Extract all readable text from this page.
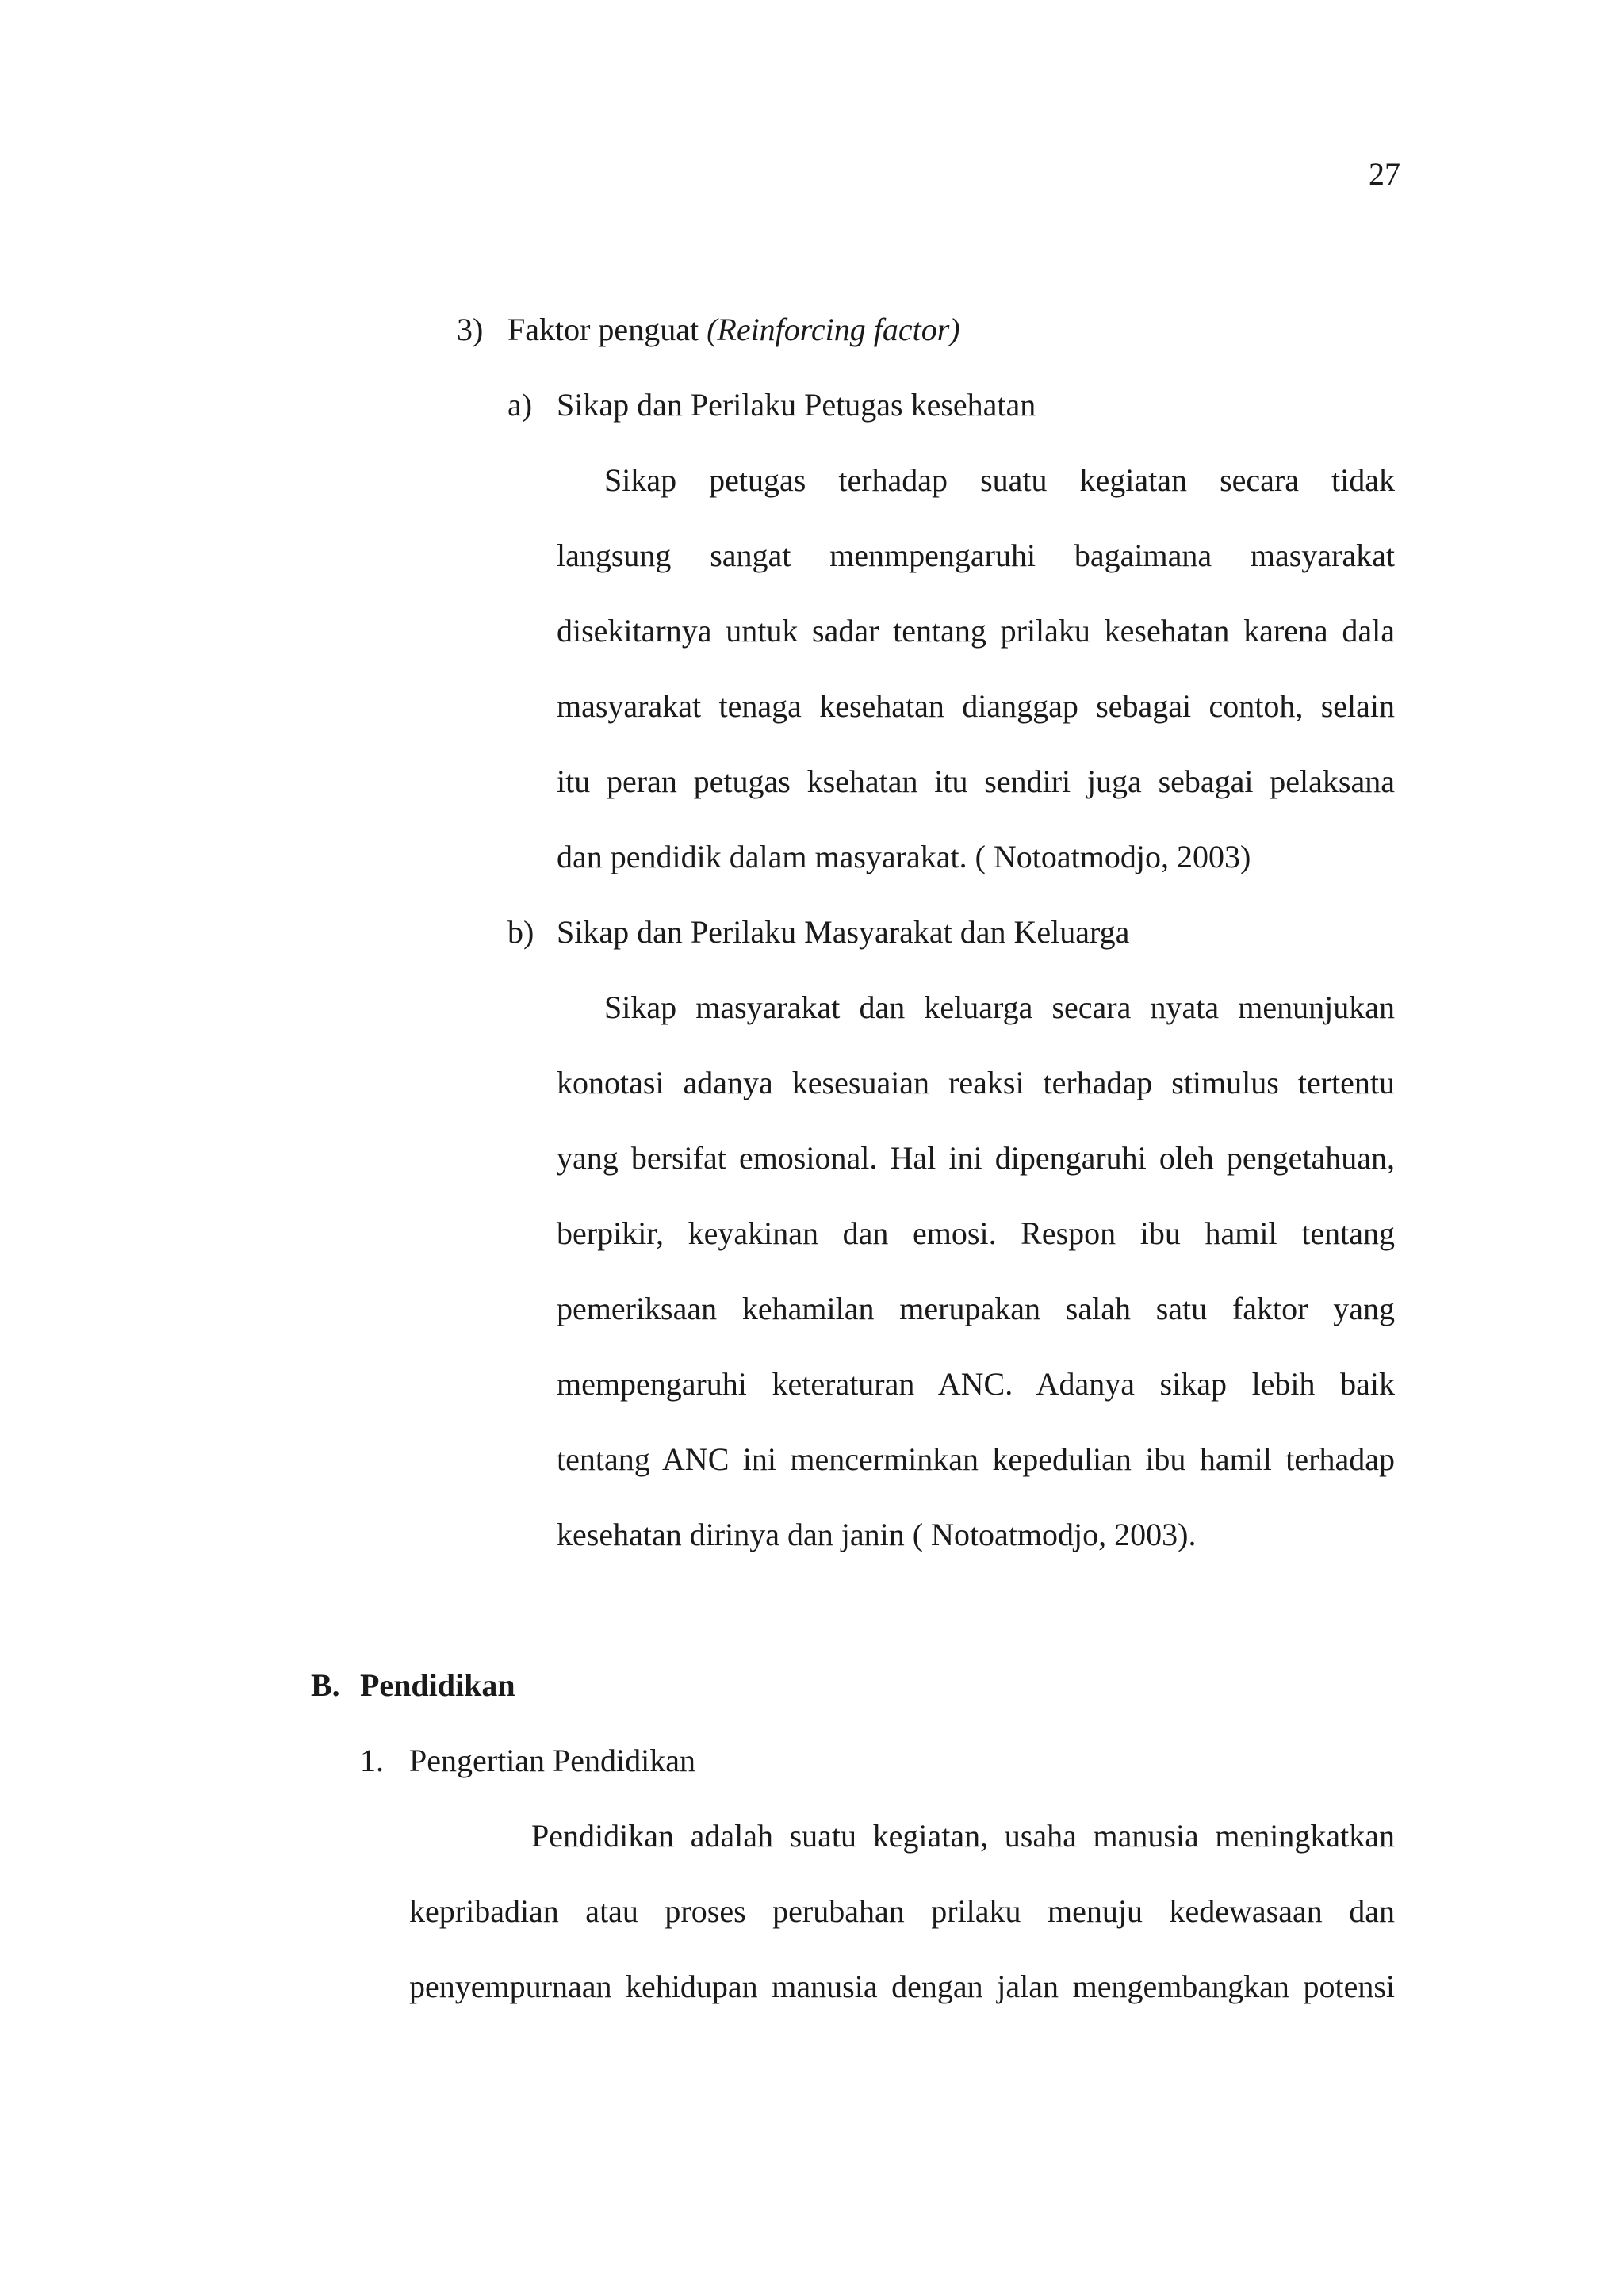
27
3) Faktor penguat (Reinforcing factor)
a) Sikap dan Perilaku Petugas kesehatan
Sikap petugas terhadap suatu kegiatan secara tidak
langsung sangat menmpengaruhi bagaimana masyarakat
disekitarnya untuk sadar tentang prilaku kesehatan karena dala
masyarakat tenaga kesehatan dianggap sebagai contoh, selain
itu peran petugas ksehatan itu sendiri juga sebagai pelaksana
dan pendidik dalam masyarakat. ( Notoatmodjo, 2003)
b) Sikap dan Perilaku Masyarakat dan Keluarga
Sikap masyarakat dan keluarga secara nyata menunjukan
konotasi adanya kesesuaian reaksi terhadap stimulus tertentu
yang bersifat emosional. Hal ini dipengaruhi oleh pengetahuan,
berpikir, keyakinan dan emosi. Respon ibu hamil tentang
pemeriksaan kehamilan merupakan salah satu faktor yang
mempengaruhi keteraturan ANC. Adanya sikap lebih baik
tentang ANC ini mencerminkan kepedulian ibu hamil terhadap
kesehatan dirinya dan janin ( Notoatmodjo, 2003).
B. Pendidikan
1. Pengertian Pendidikan
Pendidikan adalah suatu kegiatan, usaha manusia meningkatkan
kepribadian atau proses perubahan prilaku menuju kedewasaan dan
penyempurnaan kehidupan manusia dengan jalan mengembangkan potensi
